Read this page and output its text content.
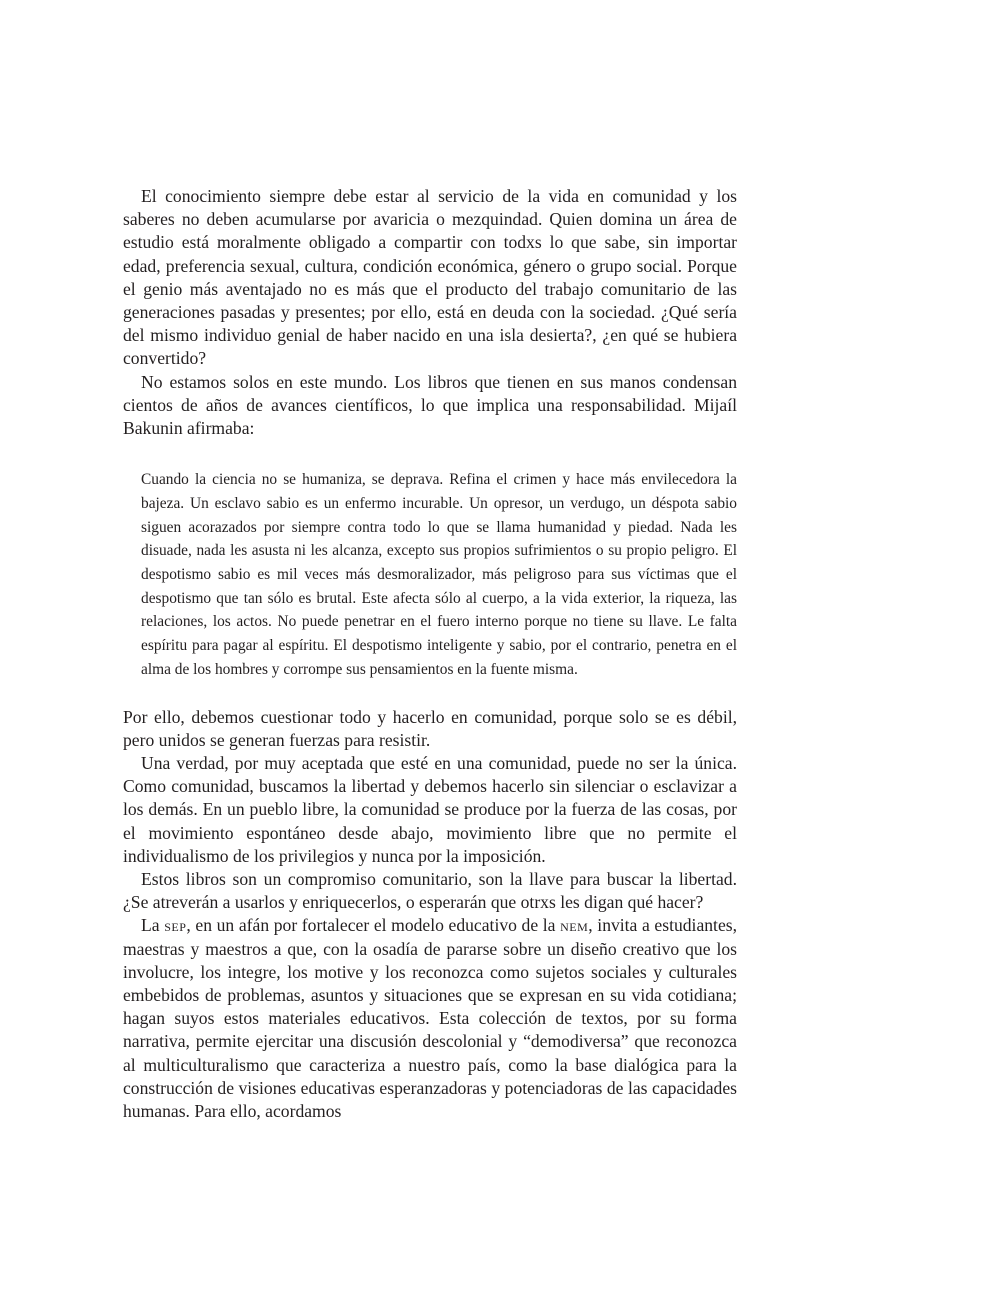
El conocimiento siempre debe estar al servicio de la vida en comunidad y los saberes no deben acumularse por avaricia o mezquindad. Quien domina un área de estudio está moralmente obligado a compartir con todxs lo que sabe, sin importar edad, preferencia sexual, cultura, condición económica, género o grupo social. Porque el genio más aventajado no es más que el producto del trabajo comunitario de las generaciones pasadas y presentes; por ello, está en deuda con la sociedad. ¿Qué sería del mismo individuo genial de haber nacido en una isla desierta?, ¿en qué se hubiera convertido?

No estamos solos en este mundo. Los libros que tienen en sus manos condensan cientos de años de avances científicos, lo que implica una responsabilidad. Mijaíl Bakunin afirmaba:

Cuando la ciencia no se humaniza, se deprava. Refina el crimen y hace más envilecedora la bajeza. Un esclavo sabio es un enfermo incurable. Un opresor, un verdugo, un déspota sabio siguen acorazados por siempre contra todo lo que se llama humanidad y piedad. Nada les disuade, nada les asusta ni les alcanza, excepto sus propios sufrimientos o su propio peligro. El despotismo sabio es mil veces más desmoralizador, más peligroso para sus víctimas que el despotismo que tan sólo es brutal. Este afecta sólo al cuerpo, a la vida exterior, la riqueza, las relaciones, los actos. No puede penetrar en el fuero interno porque no tiene su llave. Le falta espíritu para pagar al espíritu. El despotismo inteligente y sabio, por el contrario, penetra en el alma de los hombres y corrompe sus pensamientos en la fuente misma.

Por ello, debemos cuestionar todo y hacerlo en comunidad, porque solo se es débil, pero unidos se generan fuerzas para resistir.

Una verdad, por muy aceptada que esté en una comunidad, puede no ser la única. Como comunidad, buscamos la libertad y debemos hacerlo sin silenciar o esclavizar a los demás. En un pueblo libre, la comunidad se produce por la fuerza de las cosas, por el movimiento espontáneo desde abajo, movimiento libre que no permite el individualismo de los privilegios y nunca por la imposición.

Estos libros son un compromiso comunitario, son la llave para buscar la libertad. ¿Se atreverán a usarlos y enriquecerlos, o esperarán que otrxs les digan qué hacer?

La sep, en un afán por fortalecer el modelo educativo de la nem, invita a estudiantes, maestras y maestros a que, con la osadía de pararse sobre un diseño creativo que los involucre, los integre, los motive y los reconozca como sujetos sociales y culturales embebidos de problemas, asuntos y situaciones que se expresan en su vida cotidiana; hagan suyos estos materiales educativos. Esta colección de textos, por su forma narrativa, permite ejercitar una discusión descolonial y “demodiversa” que reconozca al multiculturalismo que caracteriza a nuestro país, como la base dialógica para la construcción de visiones educativas esperanzadoras y potenciadoras de las capacidades humanas. Para ello, acordamos
